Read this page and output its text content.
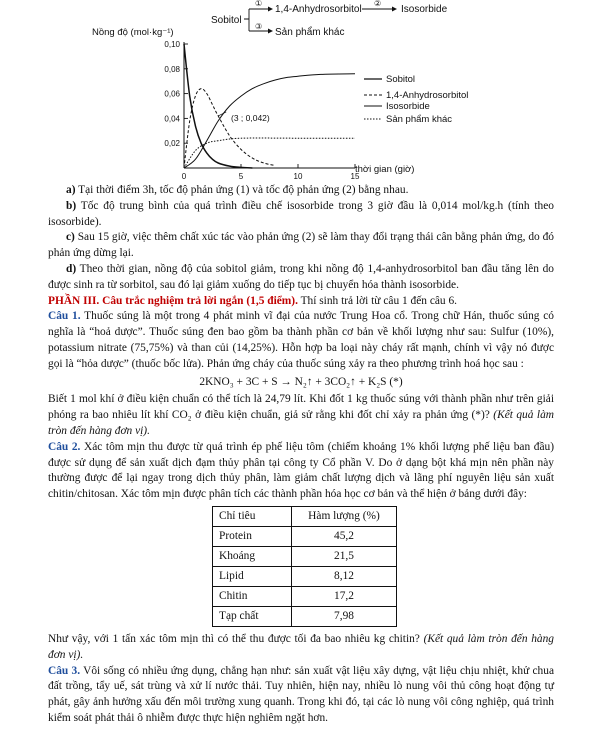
Sobitol
①
③
1,4-Anhydrosorbitol
②
Isosorbide
Sản phẩm khác
Nồng độ (mol·kg⁻¹)
0,02
0,04
0,06
0,08
0,10
0	5	10	15
(3 ; 0,042)
thời gian (giờ)
Sobitol
1,4-Anhydrosorbitol
Isosorbide
Sản phẩm khác

a) Tại thời điểm 3h, tốc độ phản ứng (1) và tốc độ phản ứng (2) bằng nhau.

b) Tốc độ trung bình của quá trình điều chế isosorbide trong 3 giờ đầu là 0,014 mol/kg.h (tính theo isosorbide).

c) Sau 15 giờ, việc thêm chất xúc tác vào phản ứng (2) sẽ làm thay đổi trạng thái cân bằng phản ứng, do đó phản ứng dừng lại.

d) Theo thời gian, nồng độ của sobitol giảm, trong khi nồng độ 1,4-anhydrosorbitol ban đầu tăng lên do được sinh ra từ sorbitol, sau đó lại giảm xuống do tiếp tục bị chuyển hóa thành isosorbide.

PHẦN III. Câu trắc nghiệm trả lời ngắn (1,5 điểm). Thí sinh trả lời từ câu 1 đến câu 6.

Câu 1. Thuốc súng là một trong 4 phát minh vĩ đại của nước Trung Hoa cổ. Trong chữ Hán, thuốc súng có nghĩa là “hoả dược”. Thuốc súng đen bao gồm ba thành phần cơ bản về khối lượng như sau: Sulfur (10%), potassium nitrate (75,75%) và than củi (14,25%). Hỗn hợp ba loại này cháy rất mạnh, chính vì vậy nó được gọi là “hỏa dược” (thuốc bốc lửa). Phản ứng cháy của thuốc súng xảy ra theo phương trình hoá học sau :

2KNO₃ + 3C + S → N₂↑ + 3CO₂↑ + K₂S (*)

Biết 1 mol khí ở điều kiện chuẩn có thể tích là 24,79 lít. Khi đốt 1 kg thuốc súng với thành phần như trên giải phóng ra bao nhiêu lít khí CO₂ ở điều kiện chuẩn, giả sử rằng khi đốt chỉ xảy ra phản ứng (*)? (Kết quả làm tròn đến hàng đơn vị).

Câu 2. Xác tôm mịn thu được từ quá trình ép phế liệu tôm (chiếm khoảng 1% khối lượng phế liệu ban đầu) được sử dụng để sản xuất dịch đạm thủy phân tại công ty Cổ phần V. Do ở dạng bột khá mịn nên phần này thường được để lại ngay trong dịch thủy phân, làm giảm chất lượng dịch và lãng phí nguyên liệu sản xuất chitin/chitosan. Xác tôm mịn được phân tích các thành phần hóa học cơ bản và thể hiện ở bảng dưới đây:

Chỉ tiêu	Hàm lượng (%)
Protein	45,2
Khoáng	21,5
Lipid	8,12
Chitin	17,2
Tạp chất	7,98

Như vậy, với 1 tấn xác tôm mịn thì có thể thu được tối đa bao nhiêu kg chitin? (Kết quả làm tròn đến hàng đơn vị).

Câu 3. Vôi sống có nhiều ứng dụng, chẳng hạn như: sản xuất vật liệu xây dựng, vật liệu chịu nhiệt, khử chua đất trồng, tẩy uế, sát trùng và xử lí nước thải. Tuy nhiên, hiện nay, nhiều lò nung vôi thủ công hoạt động tự phát, gây ảnh hưởng xấu đến môi trường xung quanh. Trong khi đó, tại các lò nung vôi công nghiệp, quá trình kiểm soát phát thải ô nhiễm được thực hiện nghiêm ngặt hơn.
